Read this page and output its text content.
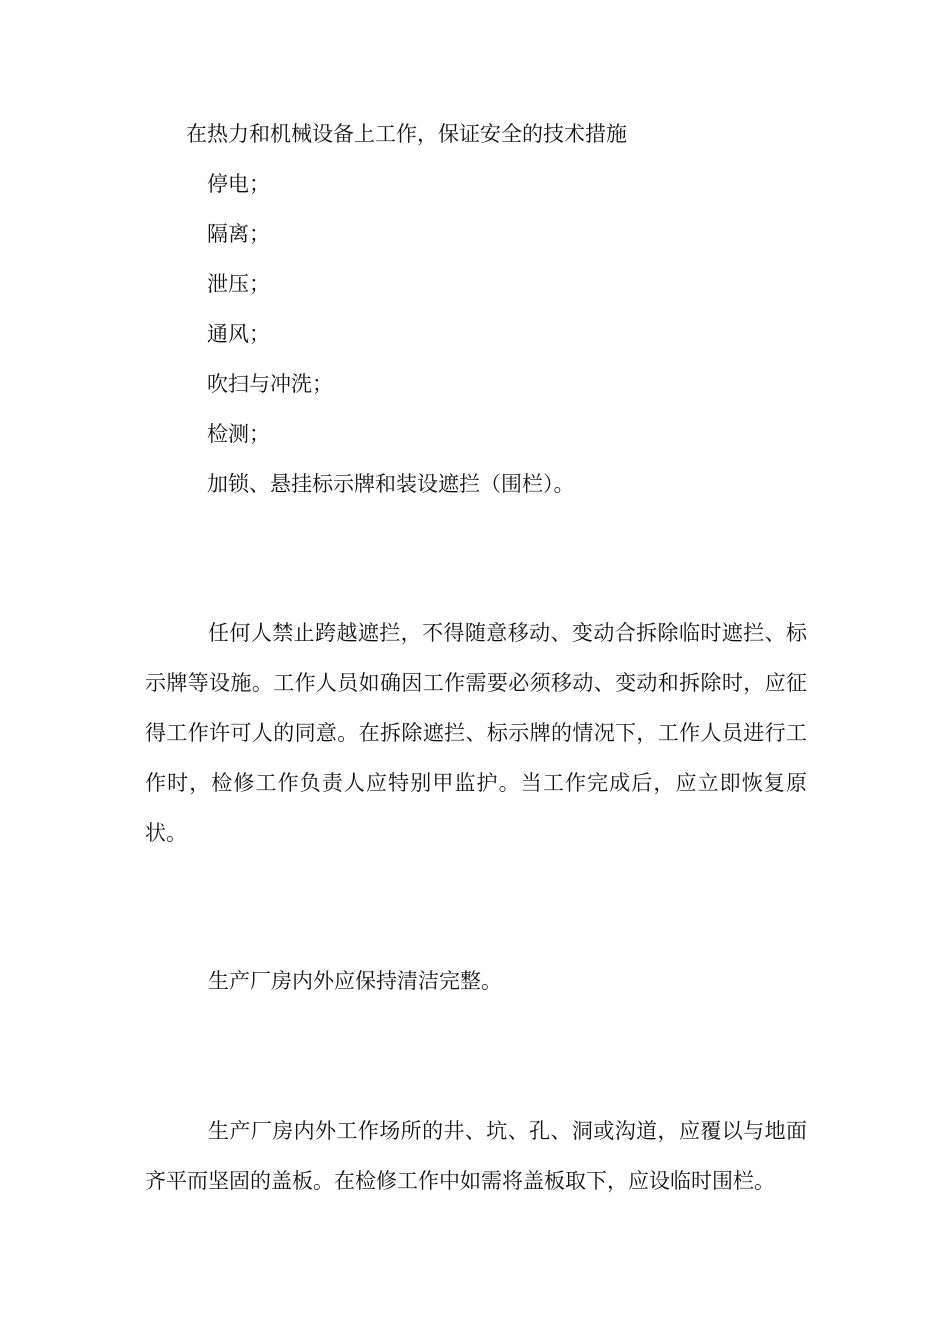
在热力和机械设备上工作，保证安全的技术措施

停电；

隔离；

泄压；

通风；

吹扫与冲洗；

检测；

加锁、悬挂标示牌和装设遮拦（围栏）。

任何人禁止跨越遮拦，不得随意移动、变动合拆除临时遮拦、标示牌等设施。工作人员如确因工作需要必须移动、变动和拆除时，应征得工作许可人的同意。在拆除遮拦、标示牌的情况下，工作人员进行工作时，检修工作负责人应特别甲监护。当工作完成后，应立即恢复原状。

生产厂房内外应保持清洁完整。

生产厂房内外工作场所的井、坑、孔、洞或沟道，应覆以与地面齐平而坚固的盖板。在检修工作中如需将盖板取下，应设临时围栏。
